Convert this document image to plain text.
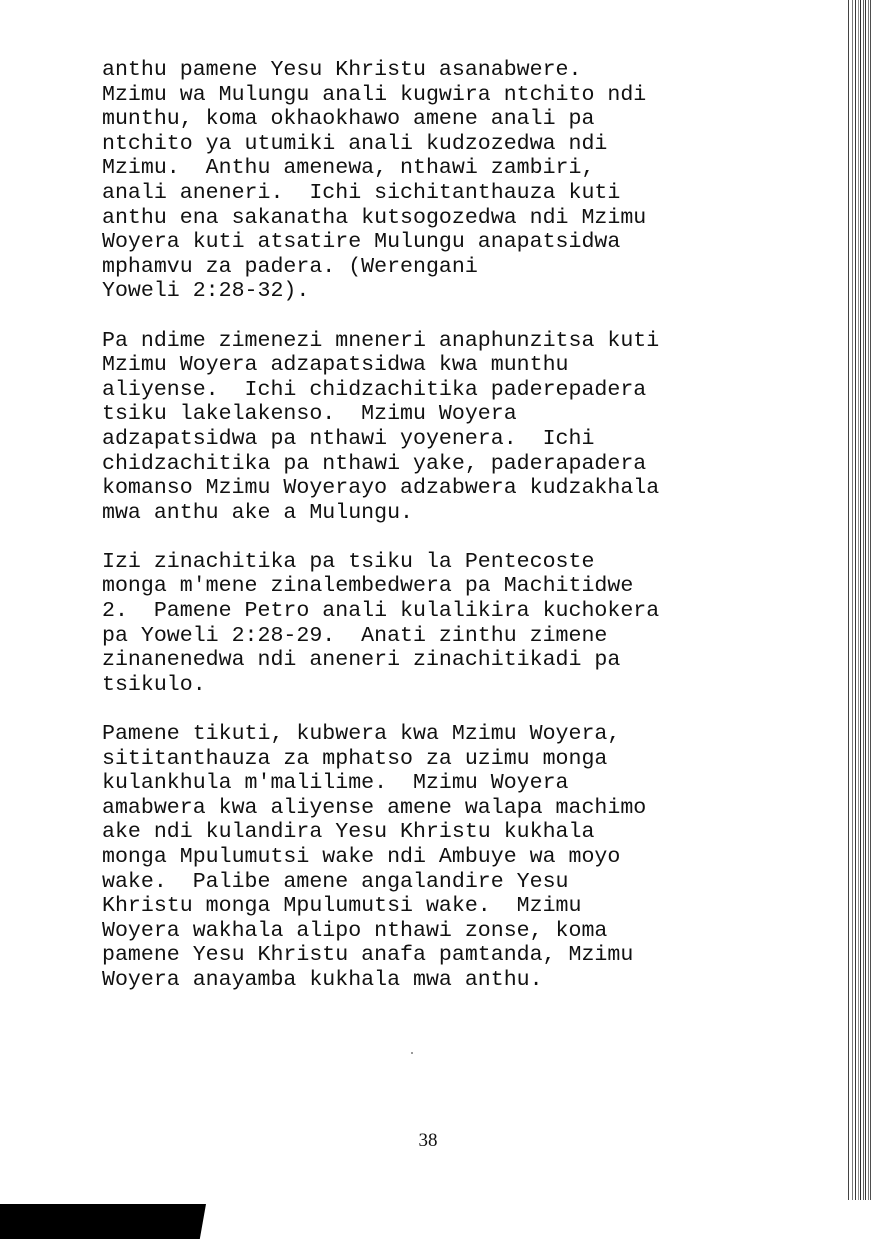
anthu pamene Yesu Khristu asanabwere.
Mzimu wa Mulungu anali kugwira ntchito ndi
munthu, koma okhaokhawo amene anali pa
ntchito ya utumiki anali kudzozedwa ndi
Mzimu.  Anthu amenewa, nthawi zambiri,
anali aneneri.  Ichi sichitanthauza kuti
anthu ena sakanatha kutsogozedwa ndi Mzimu
Woyera kuti atsatire Mulungu anapatsidwa
mphamvu za padera. (Werengani
Yoweli 2:28-32).
Pa ndime zimenezi mneneri anaphunzitsa kuti
Mzimu Woyera adzapatsidwa kwa munthu
aliyense.  Ichi chidzachitika paderepadera
tsiku lakelakenso.  Mzimu Woyera
adzapatsidwa pa nthawi yoyenera.  Ichi
chidzachitika pa nthawi yake, paderapadera
komanso Mzimu Woyerayo adzabwera kudzakhala
mwa anthu ake a Mulungu.
Izi zinachitika pa tsiku la Pentecoste
monga m'mene zinalembedwera pa Machitidwe
2.  Pamene Petro anali kulalikira kuchokera
pa Yoweli 2:28-29.  Anati zinthu zimene
zinanenedwa ndi aneneri zinachitikadi pa
tsikulo.
Pamene tikuti, kubwera kwa Mzimu Woyera,
sititanthauza za mphatso za uzimu monga
kulankhula m'malilime.  Mzimu Woyera
amabwera kwa aliyense amene walapa machimo
ake ndi kulandira Yesu Khristu kukhala
monga Mpulumutsi wake ndi Ambuye wa moyo
wake.  Palibe amene angalandire Yesu
Khristu monga Mpulumutsi wake.  Mzimu
Woyera wakhala alipo nthawi zonse, koma
pamene Yesu Khristu anafa pamtanda, Mzimu
Woyera anayamba kukhala mwa anthu.
38
